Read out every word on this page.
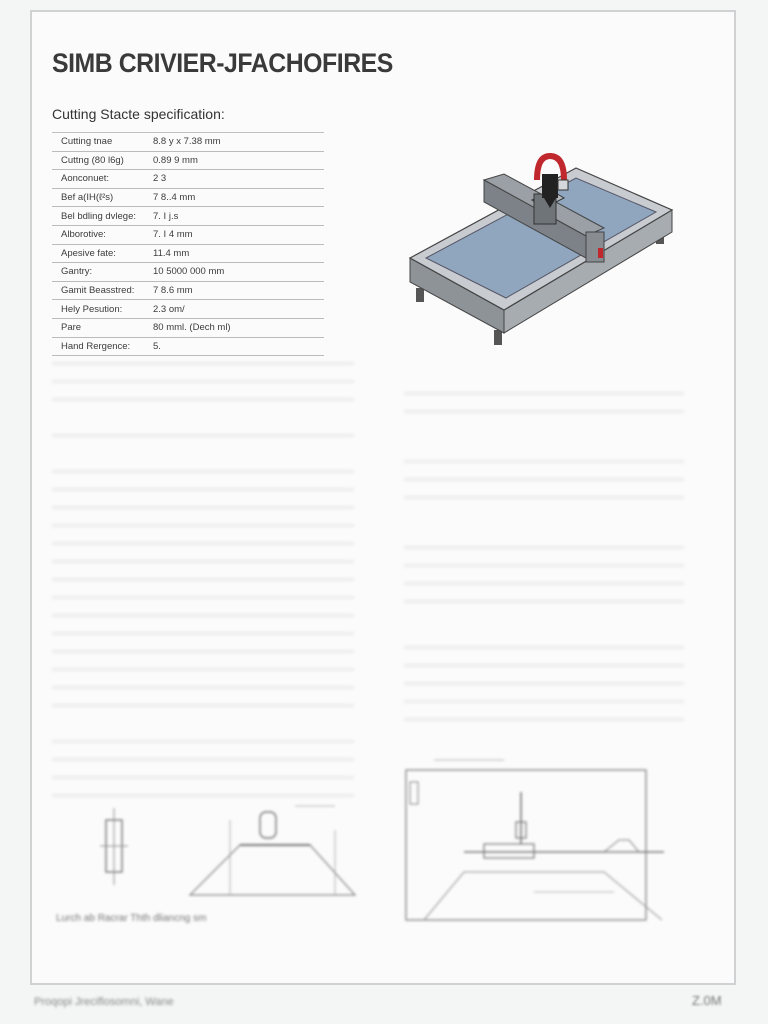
SIMB CRIVIER-JFACHOFIRES
Cutting Stacte specification:
Cutting tnae	8.8 y x 7.38 mm
Cuttng (80 l6g)	0.89 9 mm
Aonconuet:	2 3
Bef a(IH(ℓ²s)	7 8..4 mm
Bel bdling dvlege:	7. I j.s
Alborotive:	7. I 4 mm
Apesive fate:	11.4 mm
Gantry:	10 5000 000 mm
Gamit Beasstred:	7 8.6 mm
Hely Pesution:	2.3 om/
Pare	80 mml. (Dech ml)
Hand Rergence:	5.
Lurch ab Racrar Thth dliancng sm
Proqopi Jreciflosomni, Wane	Z.0M
